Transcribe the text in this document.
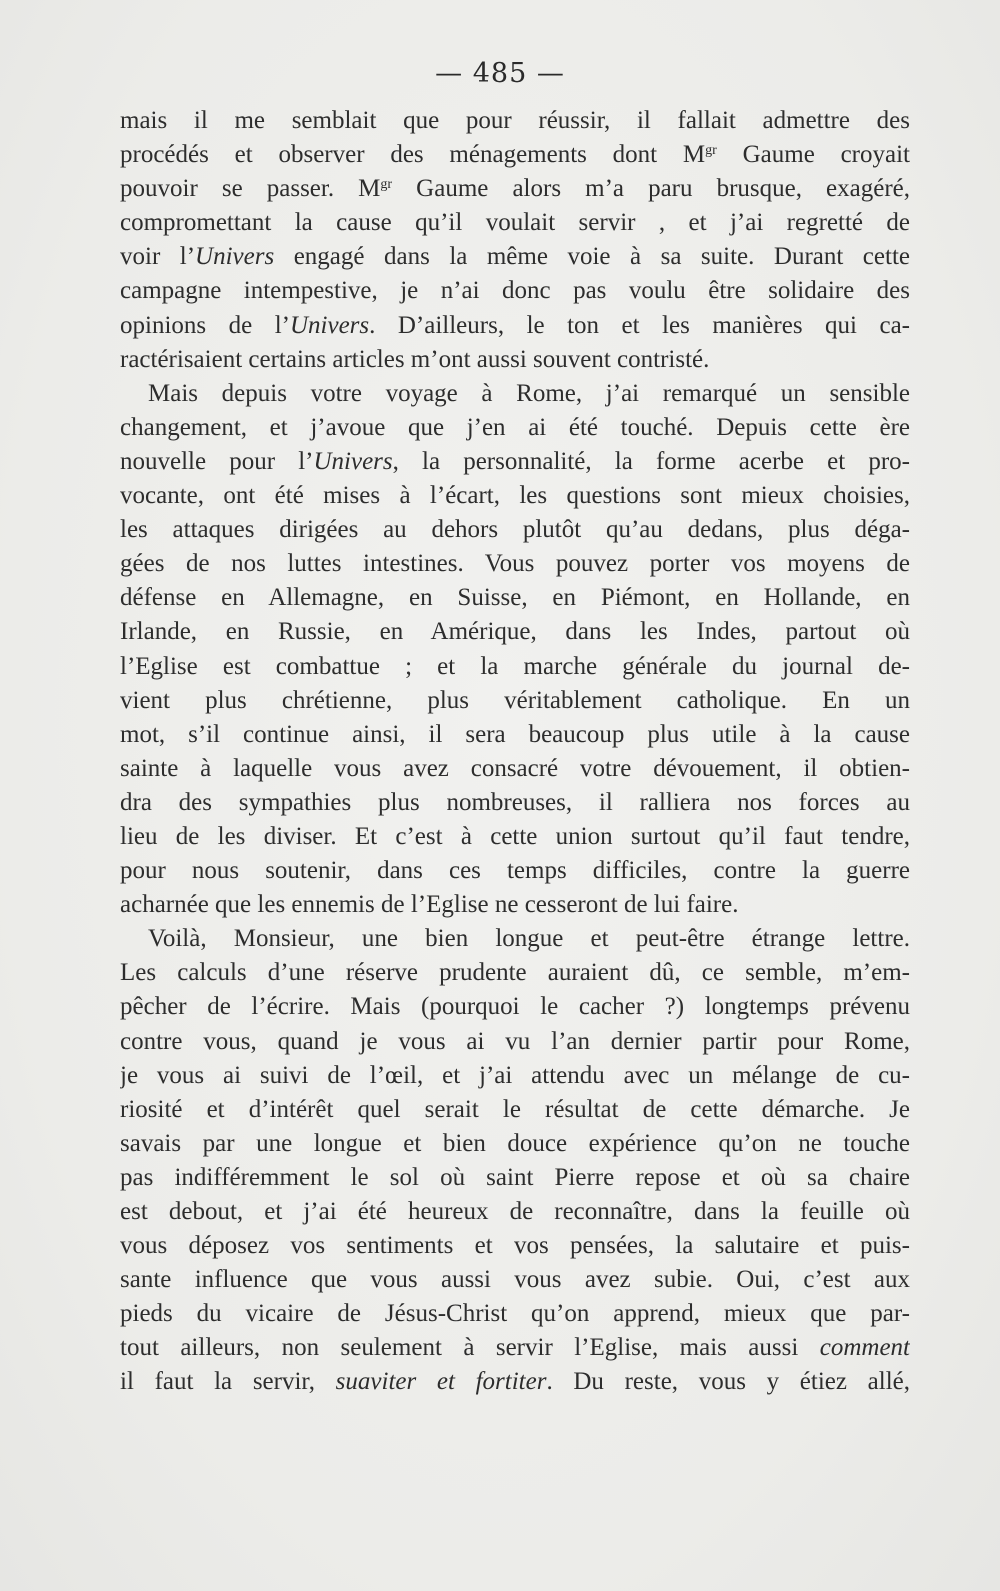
— 485 —
mais il me semblait que pour réussir, il fallait admettre des
procédés et observer des ménagements dont $M^{gr}$ Gaume croyait
pouvoir se passer. $M^{gr}$ Gaume alors m’a paru brusque, exagéré,
compromettant la cause qu’il voulait servir , et j’ai regretté de
voir l’Univers engagé dans la même voie à sa suite. Durant cette
campagne intempestive, je n’ai donc pas voulu être solidaire des
opinions de l’Univers. D’ailleurs, le ton et les manières qui ca-
ractérisaient certains articles m’ont aussi souvent contristé.
Mais depuis votre voyage à Rome, j’ai remarqué un sensible
changement, et j’avoue que j’en ai été touché. Depuis cette ère
nouvelle pour l’Univers, la personnalité, la forme acerbe et pro-
vocante, ont été mises à l’écart, les questions sont mieux choisies,
les attaques dirigées au dehors plutôt qu’au dedans, plus déga-
gées de nos luttes intestines. Vous pouvez porter vos moyens de
défense en Allemagne, en Suisse, en Piémont, en Hollande, en
Irlande, en Russie, en Amérique, dans les Indes, partout où
l’Eglise est combattue ; et la marche générale du journal de-
vient plus chrétienne, plus véritablement catholique. En un
mot, s’il continue ainsi, il sera beaucoup plus utile à la cause
sainte à laquelle vous avez consacré votre dévouement, il obtien-
dra des sympathies plus nombreuses, il ralliera nos forces au
lieu de les diviser. Et c’est à cette union surtout qu’il faut tendre,
pour nous soutenir, dans ces temps difficiles, contre la guerre
acharnée que les ennemis de l’Eglise ne cesseront de lui faire.
Voilà, Monsieur, une bien longue et peut-être étrange lettre.
Les calculs d’une réserve prudente auraient dû, ce semble, m’em-
pêcher de l’écrire. Mais (pourquoi le cacher ?) longtemps prévenu
contre vous, quand je vous ai vu l’an dernier partir pour Rome,
je vous ai suivi de l’œil, et j’ai attendu avec un mélange de cu-
riosité et d’intérêt quel serait le résultat de cette démarche. Je
savais par une longue et bien douce expérience qu’on ne touche
pas indifféremment le sol où saint Pierre repose et où sa chaire
est debout, et j’ai été heureux de reconnaître, dans la feuille où
vous déposez vos sentiments et vos pensées, la salutaire et puis-
sante influence que vous aussi vous avez subie. Oui, c’est aux
pieds du vicaire de Jésus-Christ qu’on apprend, mieux que par-
tout ailleurs, non seulement à servir l’Eglise, mais aussi comment
il faut la servir, suaviter et fortiter. Du reste, vous y étiez allé,
